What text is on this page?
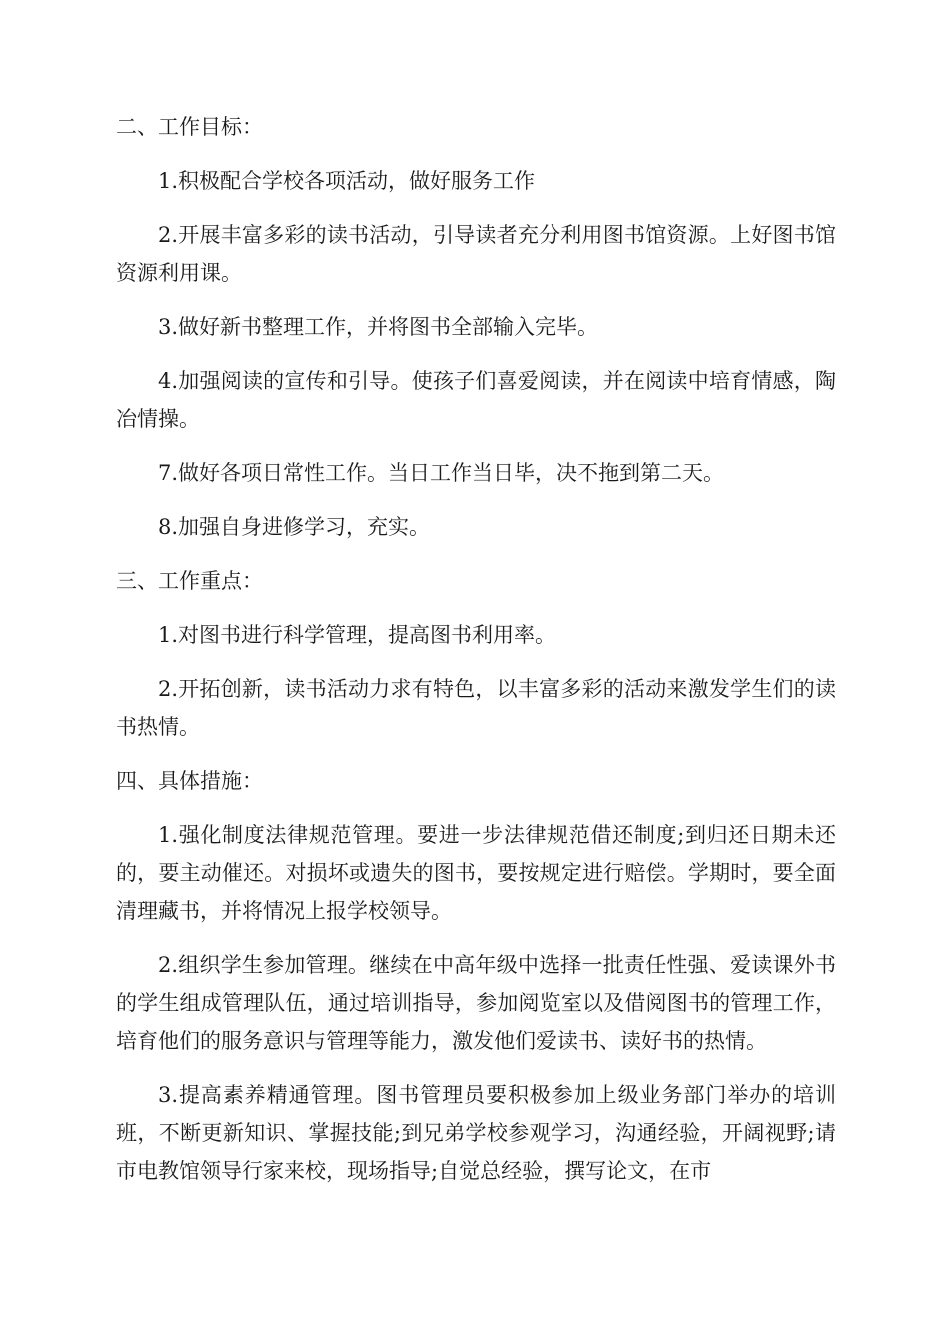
二、工作目标：

1.积极配合学校各项活动，做好服务工作

2.开展丰富多彩的读书活动，引导读者充分利用图书馆资源。上好图书馆资源利用课。

3.做好新书整理工作，并将图书全部输入完毕。

4.加强阅读的宣传和引导。使孩子们喜爱阅读，并在阅读中培育情感，陶冶情操。

7.做好各项日常性工作。当日工作当日毕，决不拖到第二天。

8.加强自身进修学习，充实。

三、工作重点：

1.对图书进行科学管理，提高图书利用率。

2.开拓创新，读书活动力求有特色，以丰富多彩的活动来激发学生们的读书热情。

四、具体措施：

1.强化制度法律规范管理。要进一步法律规范借还制度;到归还日期未还的，要主动催还。对损坏或遗失的图书，要按规定进行赔偿。学期时，要全面清理藏书，并将情况上报学校领导。

2.组织学生参加管理。继续在中高年级中选择一批责任性强、爱读课外书的学生组成管理队伍，通过培训指导，参加阅览室以及借阅图书的管理工作，培育他们的服务意识与管理等能力，激发他们爱读书、读好书的热情。

3.提高素养精通管理。图书管理员要积极参加上级业务部门举办的培训班，不断更新知识、掌握技能;到兄弟学校参观学习，沟通经验，开阔视野;请市电教馆领导行家来校，现场指导;自觉总经验，撰写论文，在市
